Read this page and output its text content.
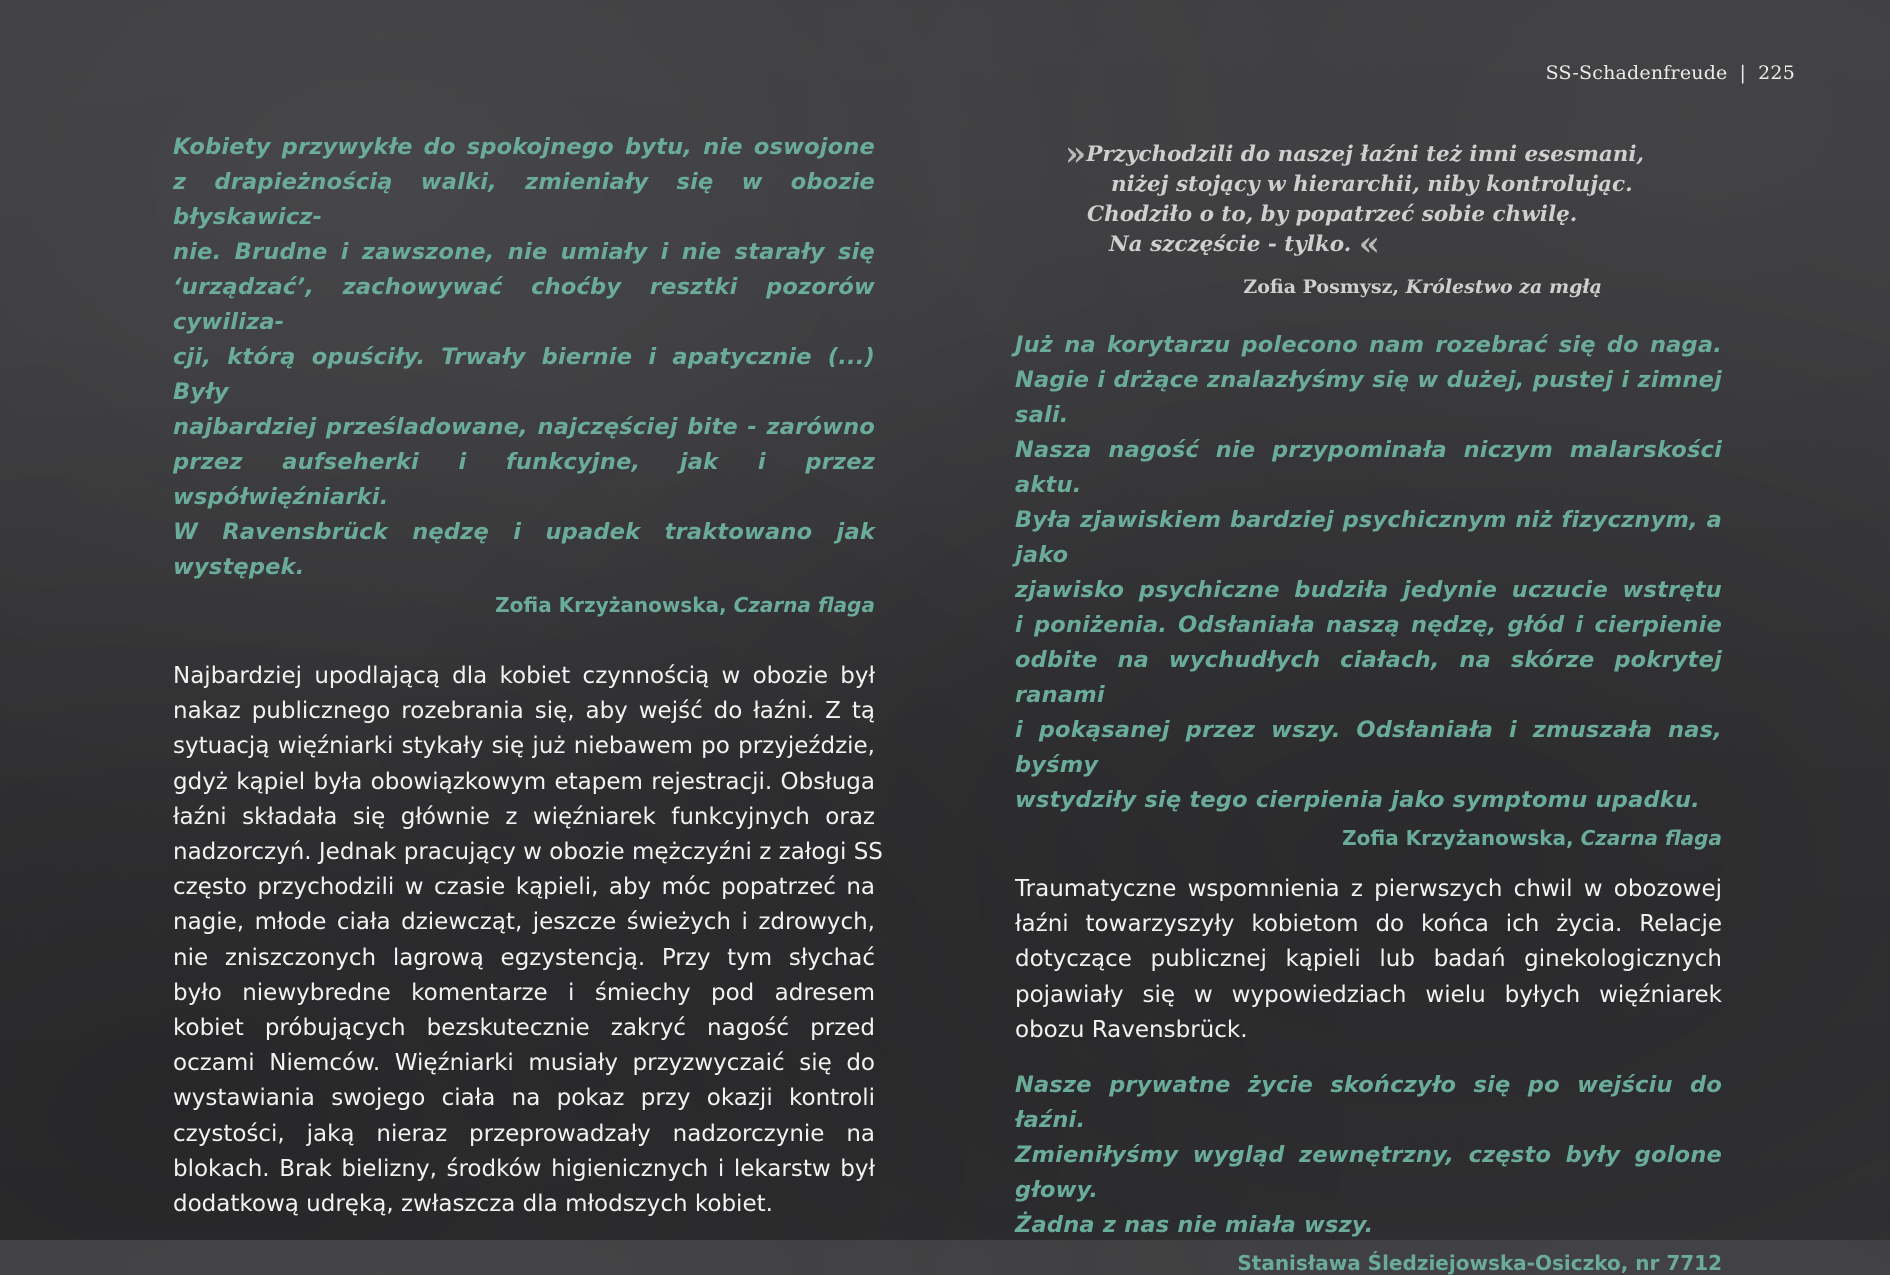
SS-Schadenfreude | 225

Kobiety przywykłe do spokojnego bytu, nie oswojone
z drapieżnością walki, zmieniały się w obozie błyskawicz-
nie. Brudne i zawszone, nie umiały i nie starały się
‘urządzać’, zachowywać choćby resztki pozorów cywiliza-
cji, którą opuściły. Trwały biernie i apatycznie (...) Były
najbardziej prześladowane, najczęściej bite - zarówno
przez aufseherki i funkcyjne, jak i przez współwięźniarki.
W Ravensbrück nędzę i upadek traktowano jak występek.

Zofia Krzyżanowska, Czarna flaga

Najbardziej upodlającą dla kobiet czynnością w obozie był
nakaz publicznego rozebrania się, aby wejść do łaźni. Z tą
sytuacją więźniarki stykały się już niebawem po przyjeździe,
gdyż kąpiel była obowiązkowym etapem rejestracji. Obsługa
łaźni składała się głównie z więźniarek funkcyjnych oraz
nadzorczyń. Jednak pracujący w obozie mężczyźni z załogi SS
często przychodzili w czasie kąpieli, aby móc popatrzeć na
nagie, młode ciała dziewcząt, jeszcze świeżych i zdrowych,
nie zniszczonych lagrową egzystencją. Przy tym słychać
było niewybredne komentarze i śmiechy pod adresem
kobiet próbujących bezskutecznie zakryć nagość przed
oczami Niemców. Więźniarki musiały przyzwyczaić się do
wystawiania swojego ciała na pokaz przy okazji kontroli
czystości, jaką nieraz przeprowadzały nadzorczynie na
blokach. Brak bielizny, środków higienicznych i lekarstw był
dodatkową udręką, zwłaszcza dla młodszych kobiet.

»Przychodzili do naszej łaźni też inni esesmani,
niżej stojący w hierarchii, niby kontrolując.
Chodziło o to, by popatrzeć sobie chwilę.
Na szczęście - tylko. «

Zofia Posmysz, Królestwo za mgłą

Już na korytarzu polecono nam rozebrać się do naga.
Nagie i drżące znalazłyśmy się w dużej, pustej i zimnej sali.
Nasza nagość nie przypominała niczym malarskości aktu.
Była zjawiskiem bardziej psychicznym niż fizycznym, a jako
zjawisko psychiczne budziła jedynie uczucie wstrętu
i poniżenia. Odsłaniała naszą nędzę, głód i cierpienie
odbite na wychudłych ciałach, na skórze pokrytej ranami
i pokąsanej przez wszy. Odsłaniała i zmuszała nas, byśmy
wstydziły się tego cierpienia jako symptomu upadku.

Zofia Krzyżanowska, Czarna flaga

Traumatyczne wspomnienia z pierwszych chwil w obozowej
łaźni towarzyszyły kobietom do końca ich życia. Relacje
dotyczące publicznej kąpieli lub badań ginekologicznych
pojawiały się w wypowiedziach wielu byłych więźniarek
obozu Ravensbrück.

Nasze prywatne życie skończyło się po wejściu do łaźni.
Zmieniłyśmy wygląd zewnętrzny, często były golone głowy.
Żadna z nas nie miała wszy.

Stanisława Śledziejowska-Osiczko, nr 7712
